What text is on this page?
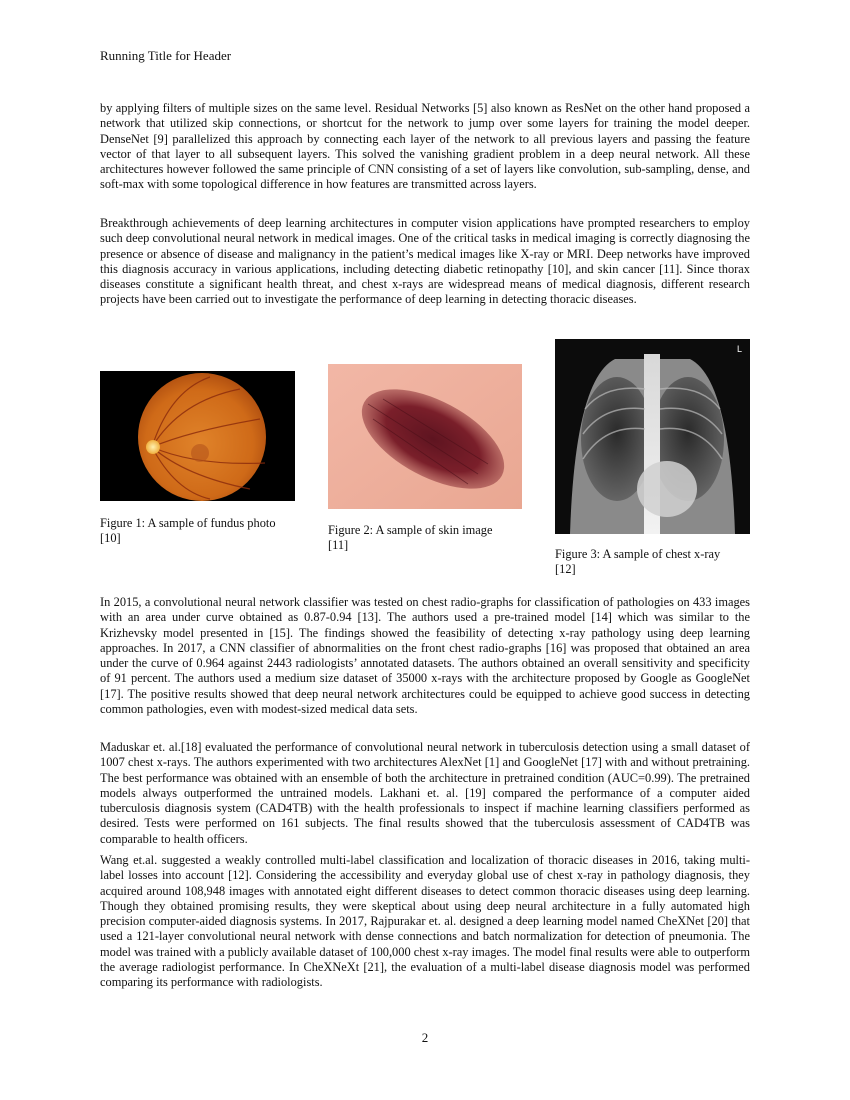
Running Title for Header

by applying filters of multiple sizes on the same level. Residual Networks [5] also known as ResNet on the other hand proposed a network that utilized skip connections, or shortcut for the network to jump over some layers for training the model deeper. DenseNet [9] parallelized this approach by connecting each layer of the network to all previous layers and passing the feature vector of that layer to all subsequent layers. This solved the vanishing gradient problem in a deep neural network. All these architectures however followed the same principle of CNN consisting of a set of layers like convolution, sub-sampling, dense, and soft-max with some topological difference in how features are transmitted across layers.

Breakthrough achievements of deep learning architectures in computer vision applications have prompted researchers to employ such deep convolutional neural network in medical images. One of the critical tasks in medical imaging is correctly diagnosing the presence or absence of disease and malignancy in the patient’s medical images like X-ray or MRI. Deep networks have improved this diagnosis accuracy in various applications, including detecting diabetic retinopathy [10], and skin cancer [11]. Since thorax diseases constitute a significant health threat, and chest x-rays are widespread means of medical diagnosis, different research projects have been carried out to investigate the performance of deep learning in detecting thoracic diseases.

Figure 1: A sample of fundus photo
[10]
Figure 2: A sample of skin image
[11]
L
Figure 3: A sample of chest x-ray
[12]

In 2015, a convolutional neural network classifier was tested on chest radio-graphs for classification of pathologies on 433 images with an area under curve obtained as 0.87-0.94 [13]. The authors used a pre-trained model [14] which was similar to the Krizhevsky model presented in [15]. The findings showed the feasibility of detecting x-ray pathology using deep learning approaches. In 2017, a CNN classifier of abnormalities on the front chest radio-graphs [16] was proposed that obtained an area under the curve of 0.964 against 2443 radiologists’ annotated datasets. The authors obtained an overall sensitivity and specificity of 91 percent. The authors used a medium size dataset of 35000 x-rays with the architecture proposed by Google as GoogleNet [17]. The positive results showed that deep neural network architectures could be equipped to achieve good success in detecting common pathologies, even with modest-sized medical data sets.

Maduskar et. al.[18] evaluated the performance of convolutional neural network in tuberculosis detection using a small dataset of 1007 chest x-rays. The authors experimented with two architectures AlexNet [1] and GoogleNet [17] with and without pretraining. The best performance was obtained with an ensemble of both the architecture in pretrained condition (AUC=0.99). The pretrained models always outperformed the untrained models. Lakhani et. al. [19] compared the performance of a computer aided tuberculosis diagnosis system (CAD4TB) with the health professionals to inspect if machine learning classifiers performed as desired. Tests were performed on 161 subjects. The final results showed that the tuberculosis assessment of CAD4TB was comparable to health officers.

Wang et.al. suggested a weakly controlled multi-label classification and localization of thoracic diseases in 2016, taking multi-label losses into account [12]. Considering the accessibility and everyday global use of chest x-ray in pathology diagnosis, they acquired around 108,948 images with annotated eight different diseases to detect common thoracic diseases using deep learning. Though they obtained promising results, they were skeptical about using deep neural architecture in a fully automated high precision computer-aided diagnosis systems. In 2017, Rajpurakar et. al. designed a deep learning model named CheXNet [20] that used a 121-layer convolutional neural network with dense connections and batch normalization for detection of pneumonia. The model was trained with a publicly available dataset of 100,000 chest x-ray images. The model final results were able to outperform the average radiologist performance. In CheXNeXt [21], the evaluation of a multi-label disease diagnosis model was performed comparing its performance with radiologists.

2
